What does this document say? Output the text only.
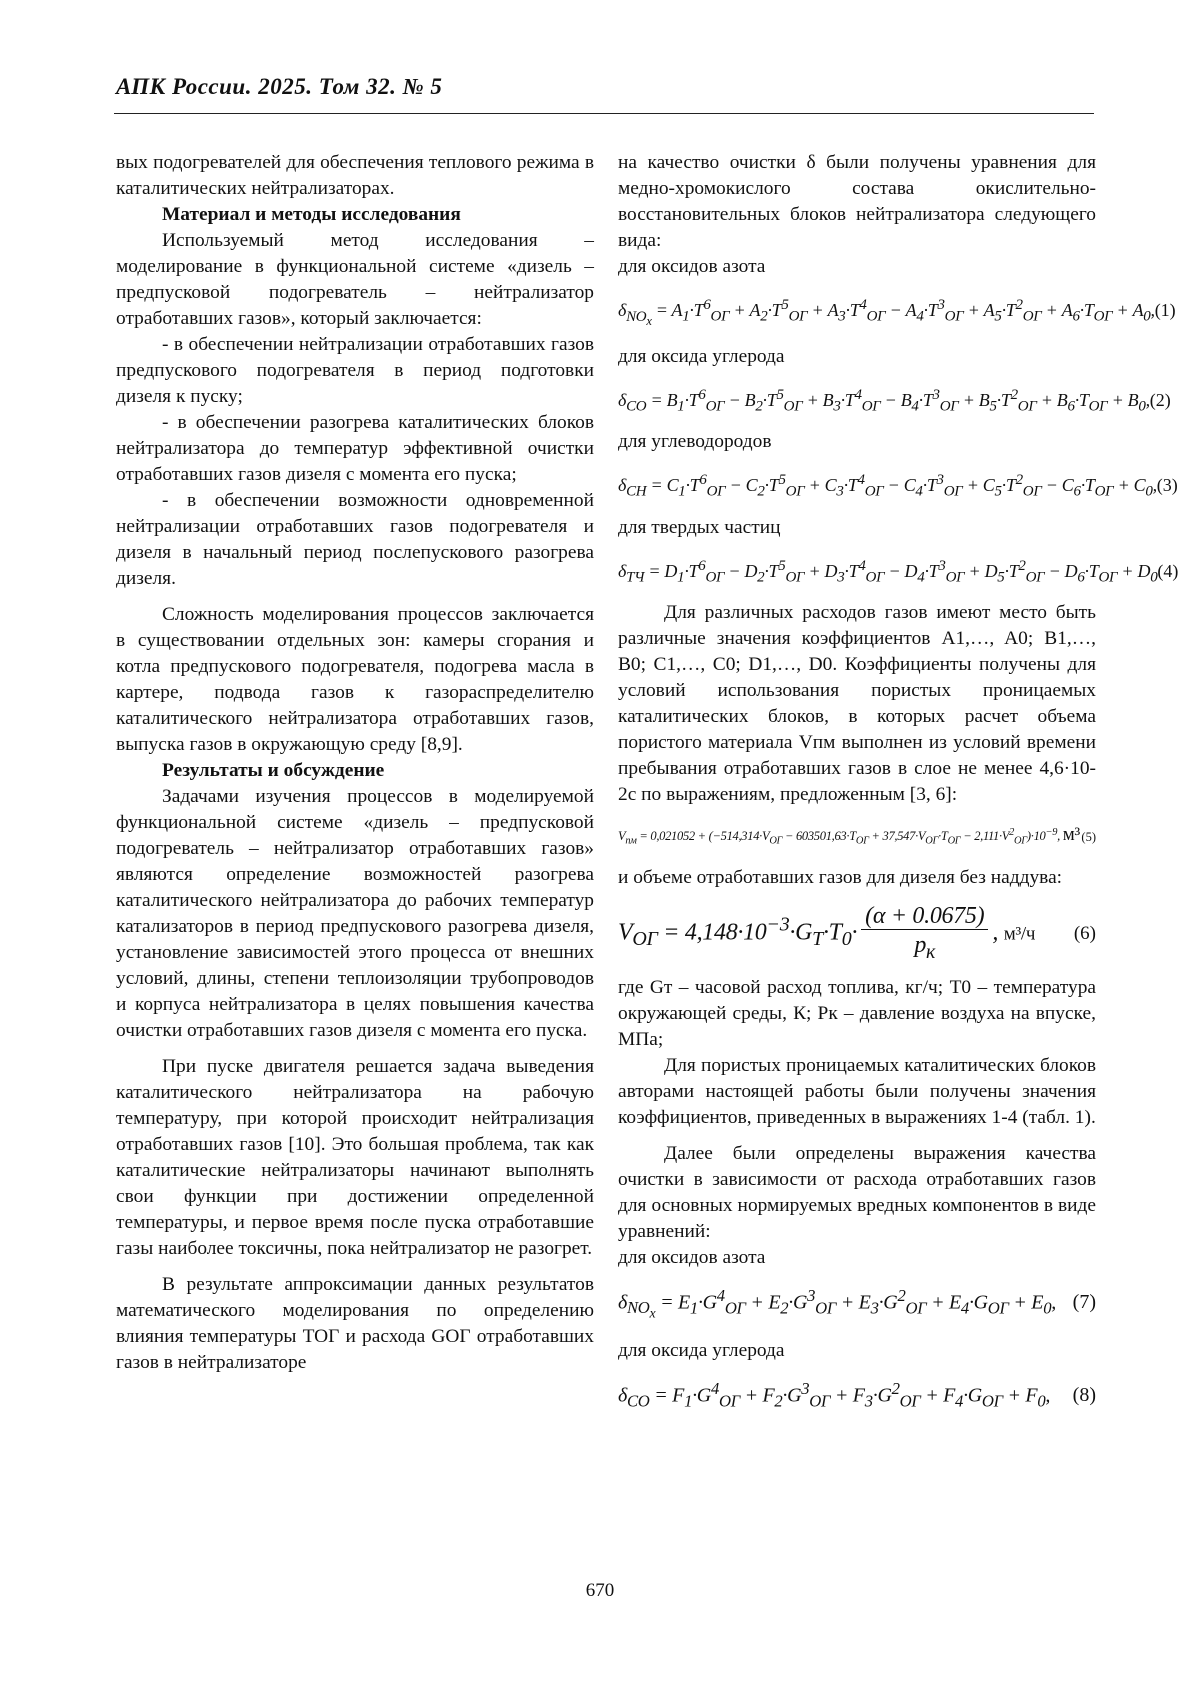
АПК России. 2025. Том 32. № 5

вых подогревателей для обеспечения теплового режима в каталитических нейтрализаторах.

Материал и методы исследования

Используемый метод исследования – моделирование в функциональной системе «дизель – предпусковой подогреватель – нейтрализатор отработавших газов», который заключается:

- в обеспечении нейтрализации отработавших газов предпускового подогревателя в период подготовки дизеля к пуску;

- в обеспечении разогрева каталитических блоков нейтрализатора до температур эффективной очистки отработавших газов дизеля с момента его пуска;

- в обеспечении возможности одновременной нейтрализации отработавших газов подогревателя и дизеля в начальный период послепускового разогрева дизеля.

Сложность моделирования процессов заключается в существовании отдельных зон: камеры сгорания и котла предпускового подогревателя, подогрева масла в картере, подвода газов к газораспределителю каталитического нейтрализатора отработавших газов, выпуска газов в окружающую среду [8,9].

Результаты и обсуждение

Задачами изучения процессов в моделируемой функциональной системе «дизель – предпусковой подогреватель – нейтрализатор отработавших газов» являются определение возможностей разогрева каталитического нейтрализатора до рабочих температур катализаторов в период предпускового разогрева дизеля, установление зависимостей этого процесса от внешних условий, длины, степени теплоизоляции трубопроводов и корпуса нейтрализатора в целях повышения качества очистки отработавших газов дизеля с момента его пуска.

При пуске двигателя решается задача выведения каталитического нейтрализатора на рабочую температуру, при которой происходит нейтрализация отработавших газов [10]. Это большая проблема, так как каталитические нейтрализаторы начинают выполнять свои функции при достижении определенной температуры, и первое время после пуска отработавшие газы наиболее токсичны, пока нейтрализатор не разогрет.

В результате аппроксимации данных результатов математического моделирования по определению влияния температуры ТОГ и расхода GОГ отработавших газов в нейтрализаторе

на качество очистки δ были получены уравнения для медно-хромокислого состава окислительно-восстановительных блоков нейтрализатора следующего вида:

для оксидов азота

$\delta_{NO_x} = A_1\cdot T^6_{ОГ} + A_2\cdot T^5_{ОГ} + A_3\cdot T^4_{ОГ} - A_4\cdot T^3_{ОГ} + A_5\cdot T^2_{ОГ} + A_6\cdot T_{ОГ} + A_0$, (1)

для оксида углерода

$\delta_{CO} = B_1\cdot T^6_{ОГ} - B_2\cdot T^5_{ОГ} + B_3\cdot T^4_{ОГ} - B_4\cdot T^3_{ОГ} + B_5\cdot T^2_{ОГ} + B_6\cdot T_{ОГ} + B_0$, (2)

для углеводородов

$\delta_{CH} = C_1\cdot T^6_{ОГ} - C_2\cdot T^5_{ОГ} + C_3\cdot T^4_{ОГ} - C_4\cdot T^3_{ОГ} + C_5\cdot T^2_{ОГ} - C_6\cdot T_{ОГ} + C_0$, (3)

для твердых частиц

$\delta_{ТЧ} = D_1\cdot T^6_{ОГ} - D_2\cdot T^5_{ОГ} + D_3\cdot T^4_{ОГ} - D_4\cdot T^3_{ОГ} + D_5\cdot T^2_{ОГ} - D_6\cdot T_{ОГ} + D_0$ (4)

Для различных расходов газов имеют место быть различные значения коэффициентов A1,…, A0; B1,…, B0; C1,…, C0; D1,…, D0. Коэффициенты получены для условий использования пористых проницаемых каталитических блоков, в которых расчет объема пористого материала Vпм выполнен из условий времени пребывания отработавших газов в слое не менее 4,6·10-2c по выражениям, предложенным [3, 6]:

$V_{пм} = 0,021052 + (-514,314\cdot V_{ОГ} - 603501,63\cdot T_{ОГ} + 37,547\cdot V_{ОГ}\cdot T_{ОГ} - 2,111\cdot V^2_{ОГ})\cdot 10^{-9}$, м³ (5)

и объеме отработавших газов для дизеля без наддува:

$V_{ОГ} = 4,148\cdot 10^{-3}\cdot G_T\cdot T_0\cdot \frac{(\alpha + 0.0675)}{p_к}$ , м³/ч (6)

где Gт – часовой расход топлива, кг/ч; T0 – температура окружающей среды, К; Pк – давление воздуха на впуске, МПа;

Для пористых проницаемых каталитических блоков авторами настоящей работы были получены значения коэффициентов, приведенных в выражениях 1-4 (табл. 1).

Далее были определены выражения качества очистки в зависимости от расхода отработавших газов для основных нормируемых вредных компонентов в виде уравнений:

для оксидов азота

$\delta_{NO_x} = E_1\cdot G^4_{ОГ} + E_2\cdot G^3_{ОГ} + E_3\cdot G^2_{ОГ} + E_4\cdot G_{ОГ} + E_0$, (7)

для оксида углерода

$\delta_{CO} = F_1\cdot G^4_{ОГ} + F_2\cdot G^3_{ОГ} + F_3\cdot G^2_{ОГ} + F_4\cdot G_{ОГ} + F_0$, (8)
670
